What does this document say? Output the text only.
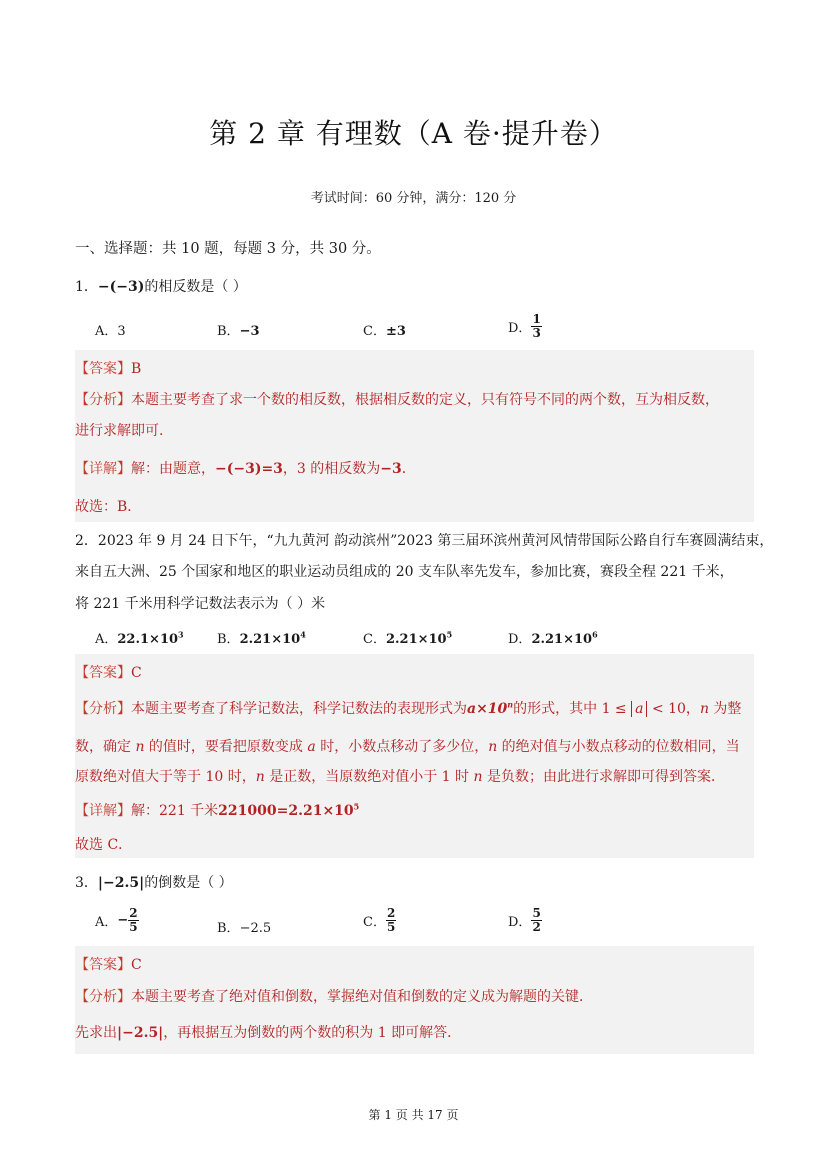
第 2 章 有理数（A 卷·提升卷）
考试时间：60 分钟，满分：120 分
一、选择题：共 10 题，每题 3 分，共 30 分。
1．−(−3)的相反数是（ ）
A．3	B．−3	C．±3	D． $\frac{1}{3}$
【答案】B
【分析】本题主要考查了求一个数的相反数，根据相反数的定义，只有符号不同的两个数，互为相反数，
进行求解即可.
【详解】解：由题意，−(−3)=3，3 的相反数为−3．
故选：B．
2．2023 年 9 月 24 日下午，“九九黄河 韵动滨州”2023 第三届环滨州黄河风情带国际公路自行车赛圆满结束，
来自五大洲、25 个国家和地区的职业运动员组成的 20 支车队率先发车，参加比赛，赛段全程 221 千米，
将 221 千米用科学记数法表示为（ ）米
A．$22.1\times 10^3$	B．$2.21\times 10^4$	C．$2.21\times 10^5$	D．$2.21\times 10^6$
【答案】C
【分析】本题主要考查了科学记数法，科学记数法的表现形式为$a\times 10^n$的形式，其中 1 ≤ a < 10，n 为整
数，确定 n 的值时，要看把原数变成 a 时，小数点移动了多少位，n 的绝对值与小数点移动的位数相同，当
原数绝对值大于等于 10 时，n 是正数，当原数绝对值小于 1 时 n 是负数；由此进行求解即可得到答案．
【详解】解：221 千米$221000=2.21\times 10^5$
故选 C．
3．|−2.5|的倒数是（ ）
A．− $\frac{2}{5}$	B．−2.5	C． $\frac{2}{5}$	D． $\frac{5}{2}$
【答案】C
【分析】本题主要考查了绝对值和倒数，掌握绝对值和倒数的定义成为解题的关键．
先求出|−2.5|，再根据互为倒数的两个数的积为 1 即可解答．
第 1 页 共 17 页
